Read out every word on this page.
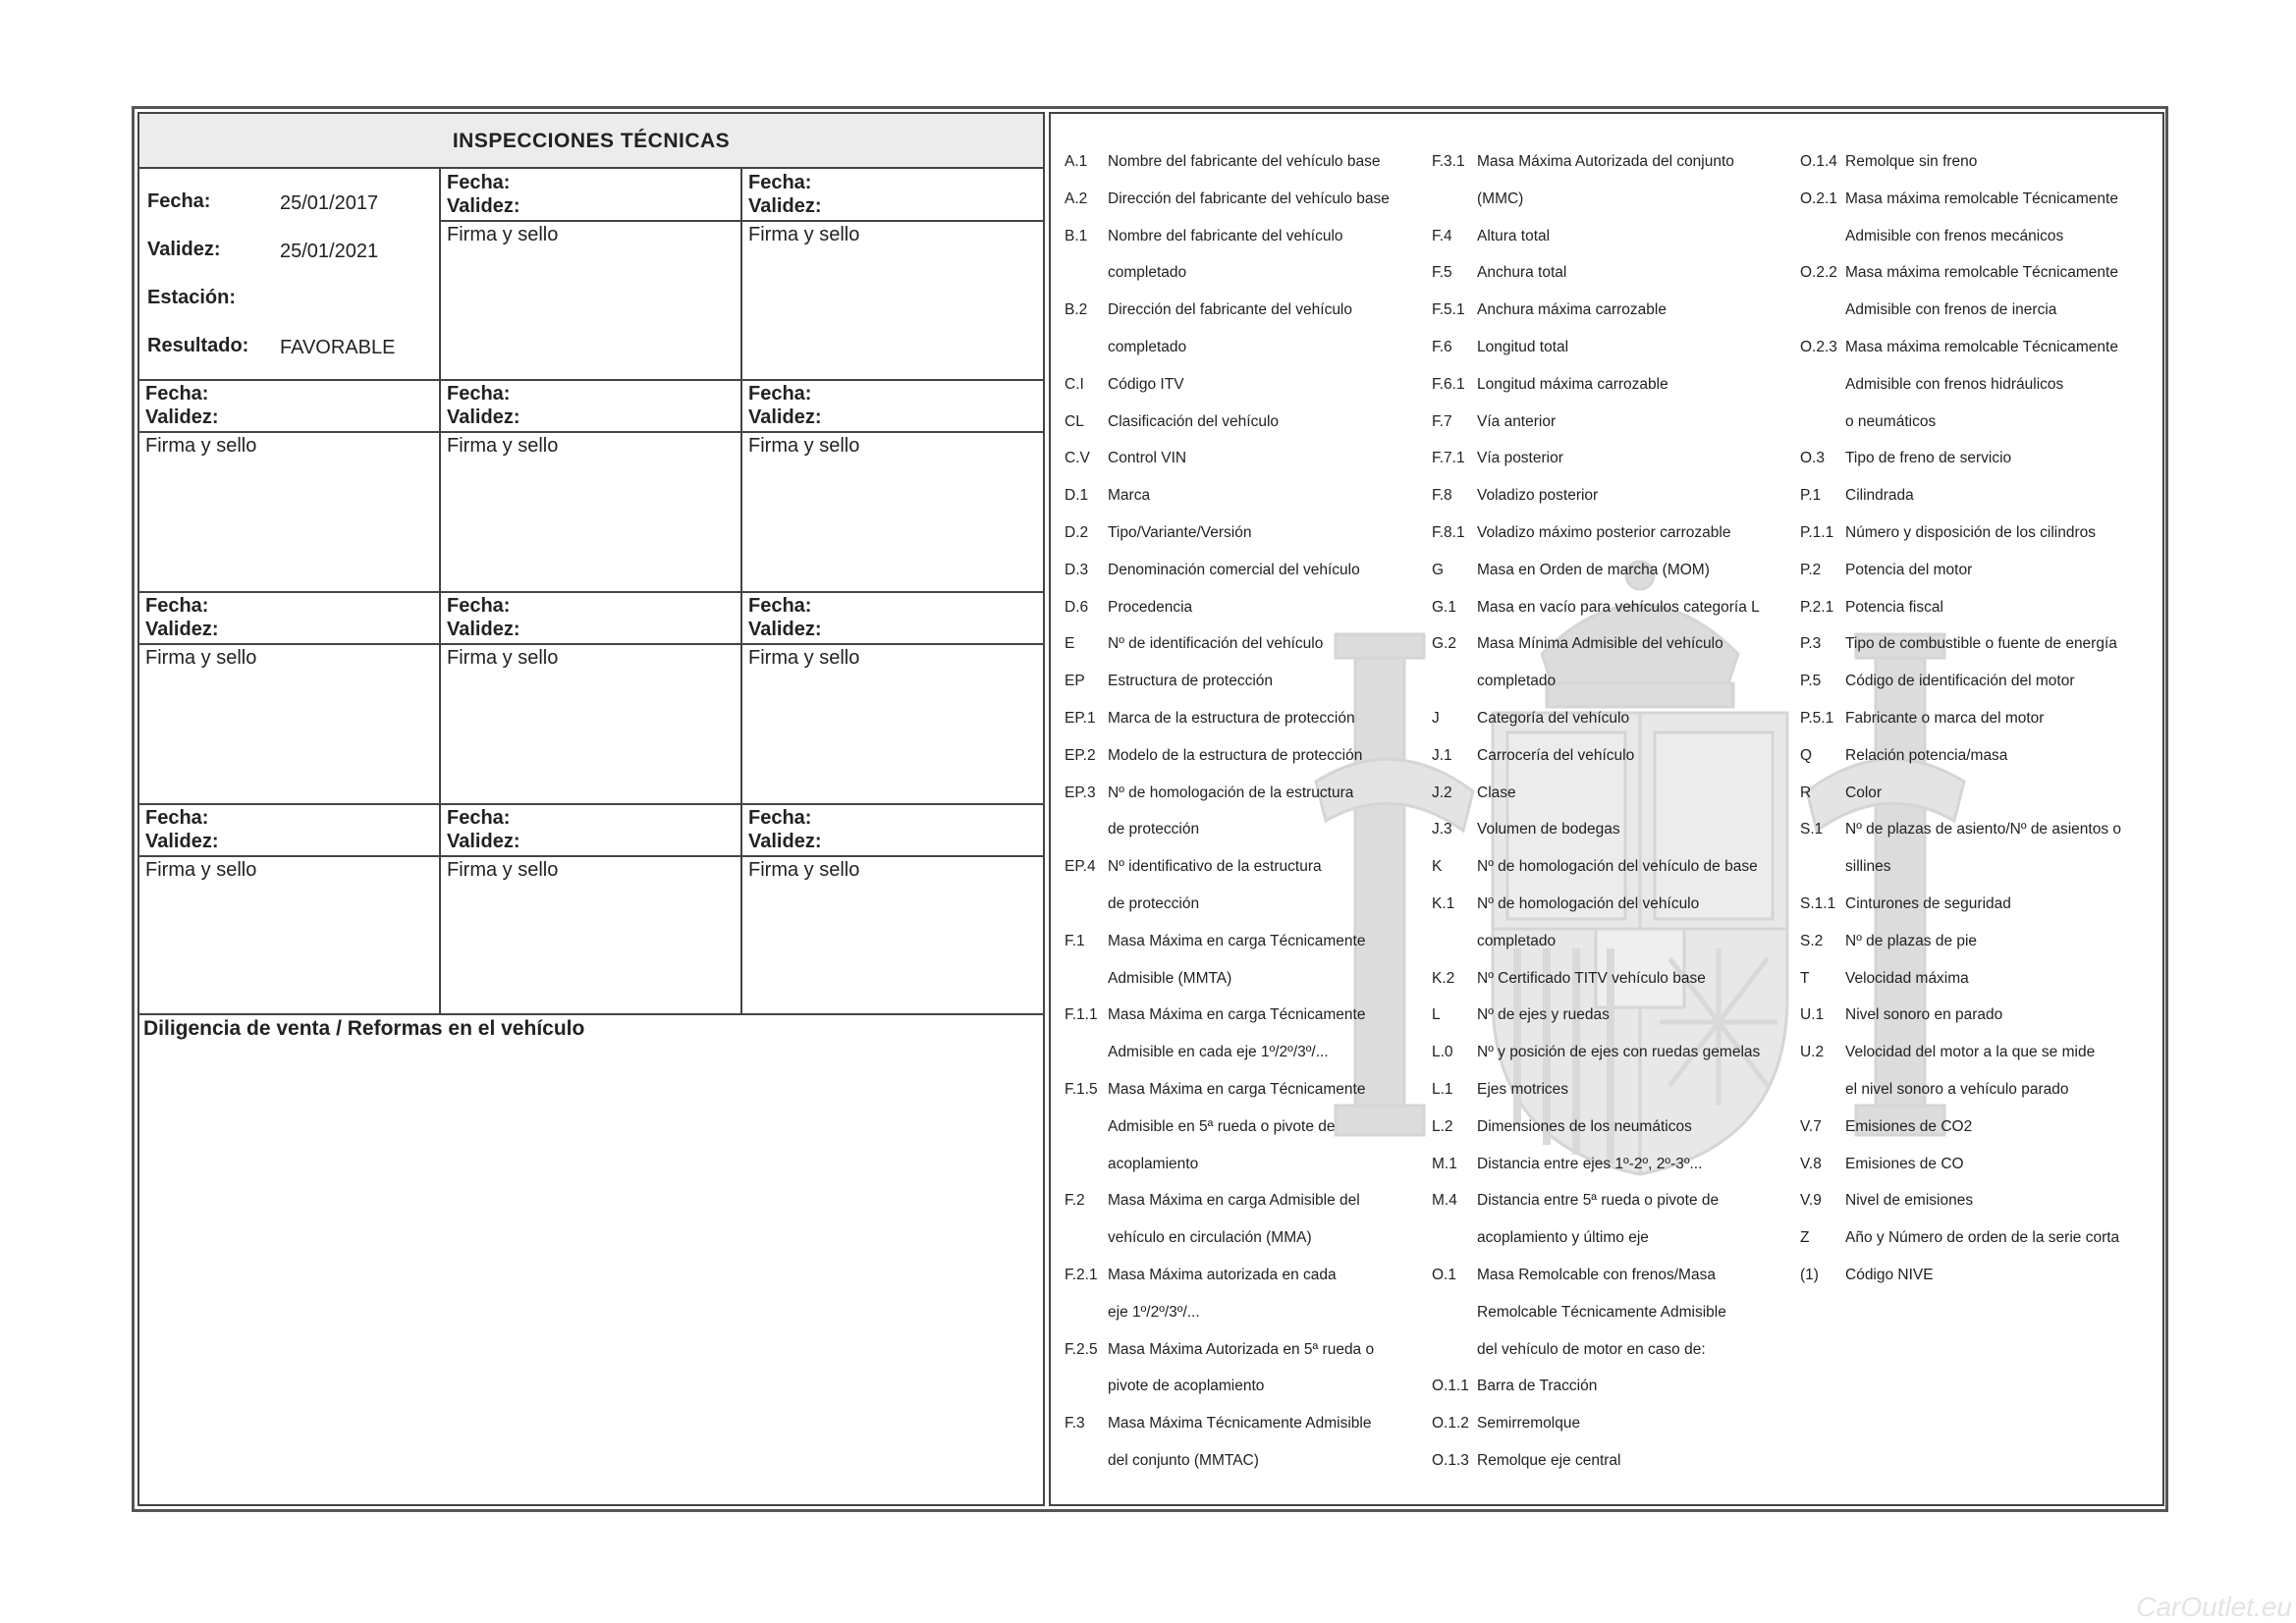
INSPECCIONES TÉCNICAS
Fecha:	25/01/2017
Validez:	25/01/2021
Estación:
Resultado: FAVORABLE
Fecha:
Validez:
Firma y sello
Fecha:
Validez:
Firma y sello
Fecha:
Validez:
Firma y sello
Fecha:
Validez:
Firma y sello
Fecha:
Validez:
Firma y sello
Fecha:
Validez:
Firma y sello
Fecha:
Validez:
Firma y sello
Fecha:
Validez:
Firma y sello
Fecha:
Validez:
Firma y sello
Fecha:
Validez:
Firma y sello
Fecha:
Validez:
Firma y sello
Diligencia de venta / Reformas en el vehículo
A.1 Nombre del fabricante del vehículo base
A.2 Dirección del fabricante del vehículo base
B.1 Nombre del fabricante del vehículo
completado
B.2 Dirección del fabricante del vehículo
completado
C.I Código ITV
CL Clasificación del vehículo
C.V Control VIN
D.1 Marca
D.2 Tipo/Variante/Versión
D.3 Denominación comercial del vehículo
D.6 Procedencia
E Nº de identificación del vehículo
EP Estructura de protección
EP.1 Marca de la estructura de protección
EP.2 Modelo de la estructura de protección
EP.3 Nº de homologación de la estructura
de protección
EP.4 Nº identificativo de la estructura
de protección
F.1 Masa Máxima en carga Técnicamente
Admisible (MMTA)
F.1.1 Masa Máxima en carga Técnicamente
Admisible en cada eje 1º/2º/3º/...
F.1.5 Masa Máxima en carga Técnicamente
Admisible en 5ª rueda o pivote de
acoplamiento
F.2 Masa Máxima en carga Admisible del
vehículo en circulación (MMA)
F.2.1 Masa Máxima autorizada en cada
eje 1º/2º/3º/...
F.2.5 Masa Máxima Autorizada en 5ª rueda o
pivote de acoplamiento
F.3 Masa Máxima Técnicamente Admisible
del conjunto (MMTAC)
F.3.1 Masa Máxima Autorizada del conjunto
(MMC)
F.4 Altura total
F.5 Anchura total
F.5.1 Anchura máxima carrozable
F.6 Longitud total
F.6.1 Longitud máxima carrozable
F.7 Vía anterior
F.7.1 Vía posterior
F.8 Voladizo posterior
F.8.1 Voladizo máximo posterior carrozable
G Masa en Orden de marcha (MOM)
G.1 Masa en vacío para vehículos categoría L
G.2 Masa Mínima Admisible del vehículo
completado
J Categoría del vehículo
J.1 Carrocería del vehículo
J.2 Clase
J.3 Volumen de bodegas
K Nº de homologación del vehículo de base
K.1 Nº de homologación del vehículo
completado
K.2 Nº Certificado TITV vehículo base
L Nº de ejes y ruedas
L.0 Nº y posición de ejes con ruedas gemelas
L.1 Ejes motrices
L.2 Dimensiones de los neumáticos
M.1 Distancia entre ejes 1º-2º, 2º-3º...
M.4 Distancia entre 5ª rueda o pivote de
acoplamiento y último eje
O.1 Masa Remolcable con frenos/Masa
Remolcable Técnicamente Admisible
del vehículo de motor en caso de:
O.1.1 Barra de Tracción
O.1.2 Semirremolque
O.1.3 Remolque eje central
O.1.4 Remolque sin freno
O.2.1 Masa máxima remolcable Técnicamente
Admisible con frenos mecánicos
O.2.2 Masa máxima remolcable Técnicamente
Admisible con frenos de inercia
O.2.3 Masa máxima remolcable Técnicamente
Admisible con frenos hidráulicos
o neumáticos
O.3 Tipo de freno de servicio
P.1 Cilindrada
P.1.1 Número y disposición de los cilindros
P.2 Potencia del motor
P.2.1 Potencia fiscal
P.3 Tipo de combustible o fuente de energía
P.5 Código de identificación del motor
P.5.1 Fabricante o marca del motor
Q Relación potencia/masa
R Color
S.1 Nº de plazas de asiento/Nº de asientos o
sillines
S.1.1 Cinturones de seguridad
S.2 Nº de plazas de pie
T Velocidad máxima
U.1 Nivel sonoro en parado
U.2 Velocidad del motor a la que se mide
el nivel sonoro a vehículo parado
V.7 Emisiones de CO2
V.8 Emisiones de CO
V.9 Nivel de emisiones
Z Año y Número de orden de la serie corta
(1) Código NIVE
CarOutlet.eu
